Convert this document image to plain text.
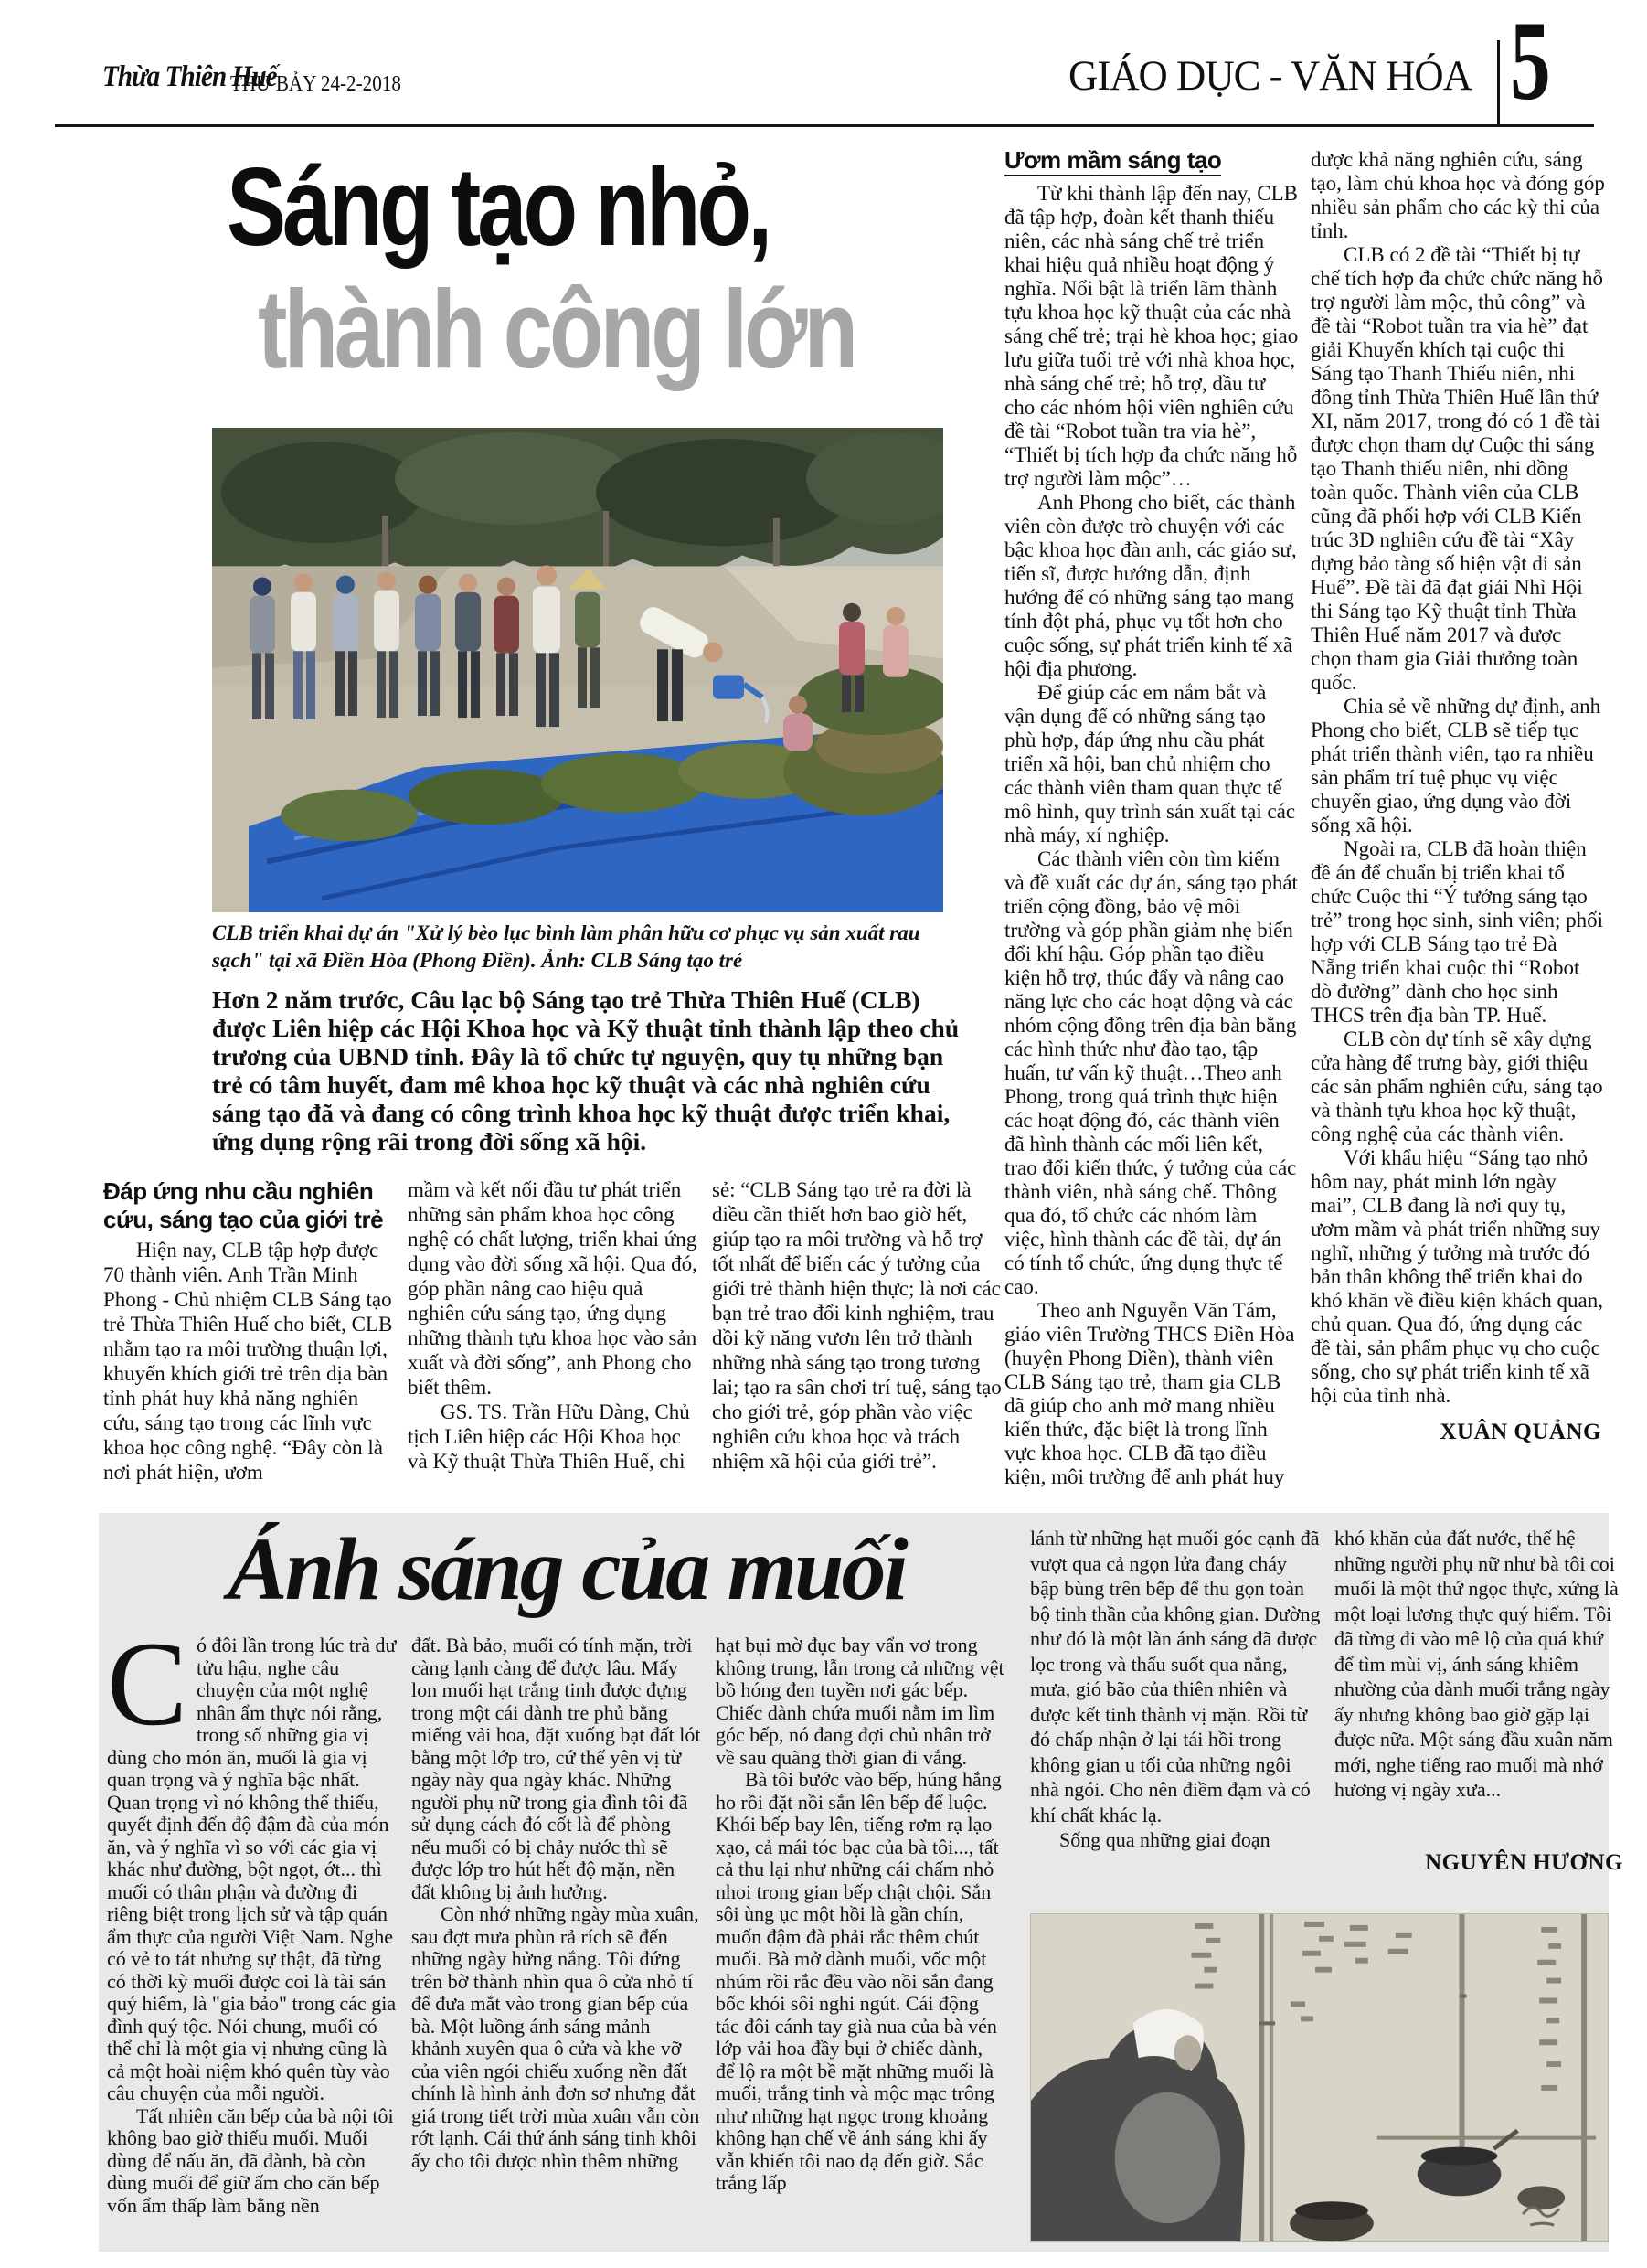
Thừa Thiên Huế
THỨ BẢY 24-2-2018	GIÁO DỤC - VĂN HÓA 5
Sáng tạo nhỏ,
thành công lớn
CLB triển khai dự án "Xử lý bèo lục bình làm phân hữu cơ phục vụ sản xuất rau sạch" tại xã Điền Hòa (Phong Điền). Ảnh: CLB Sáng tạo trẻ
Hơn 2 năm trước, Câu lạc bộ Sáng tạo trẻ Thừa Thiên Huế (CLB) được Liên hiệp các Hội Khoa học và Kỹ thuật tỉnh thành lập theo chủ trương của UBND tỉnh. Đây là tổ chức tự nguyện, quy tụ những bạn trẻ có tâm huyết, đam mê khoa học kỹ thuật và các nhà nghiên cứu sáng tạo đã và đang có công trình khoa học kỹ thuật được triển khai, ứng dụng rộng rãi trong đời sống xã hội.
Đáp ứng nhu cầu nghiên cứu, sáng tạo của giới trẻ

Hiện nay, CLB tập hợp được 70 thành viên. Anh Trần Minh Phong - Chủ nhiệm CLB Sáng tạo trẻ Thừa Thiên Huế cho biết, CLB nhằm tạo ra môi trường thuận lợi, khuyến khích giới trẻ trên địa bàn tỉnh phát huy khả năng nghiên cứu, sáng tạo trong các lĩnh vực khoa học công nghệ. “Đây còn là nơi phát hiện, ươm

mầm và kết nối đầu tư phát triển những sản phẩm khoa học công nghệ có chất lượng, triển khai ứng dụng vào đời sống xã hội. Qua đó, góp phần nâng cao hiệu quả nghiên cứu sáng tạo, ứng dụng những thành tựu khoa học vào sản xuất và đời sống”, anh Phong cho biết thêm.

GS. TS. Trần Hữu Dàng, Chủ tịch Liên hiệp các Hội Khoa học và Kỹ thuật Thừa Thiên Huế, chi

sẻ: “CLB Sáng tạo trẻ ra đời là điều cần thiết hơn bao giờ hết, giúp tạo ra môi trường và hỗ trợ tốt nhất để biến các ý tưởng của giới trẻ thành hiện thực; là nơi các bạn trẻ trao đổi kinh nghiệm, trau dồi kỹ năng vươn lên trở thành những nhà sáng tạo trong tương lai; tạo ra sân chơi trí tuệ, sáng tạo cho giới trẻ, góp phần vào việc nghiên cứu khoa học và trách nhiệm xã hội của giới trẻ”.

Ươm mầm sáng tạo

Từ khi thành lập đến nay, CLB đã tập hợp, đoàn kết thanh thiếu niên, các nhà sáng chế trẻ triển khai hiệu quả nhiều hoạt động ý nghĩa. Nổi bật là triển lãm thành tựu khoa học kỹ thuật của các nhà sáng chế trẻ; trại hè khoa học; giao lưu giữa tuổi trẻ với nhà khoa học, nhà sáng chế trẻ; hỗ trợ, đầu tư cho các nhóm hội viên nghiên cứu đề tài “Robot tuần tra via hè”, “Thiết bị tích hợp đa chức năng hỗ trợ người làm mộc”…

Anh Phong cho biết, các thành viên còn được trò chuyện với các bậc khoa học đàn anh, các giáo sư, tiến sĩ, được hướng dẫn, định hướng để có những sáng tạo mang tính đột phá, phục vụ tốt hơn cho cuộc sống, sự phát triển kinh tế xã hội địa phương.

Để giúp các em nắm bắt và vận dụng để có những sáng tạo phù hợp, đáp ứng nhu cầu phát triển xã hội, ban chủ nhiệm cho các thành viên tham quan thực tế mô hình, quy trình sản xuất tại các nhà máy, xí nghiệp.

Các thành viên còn tìm kiếm và đề xuất các dự án, sáng tạo phát triển cộng đồng, bảo vệ môi trường và góp phần giảm nhẹ biến đổi khí hậu. Góp phần tạo điều kiện hỗ trợ, thúc đẩy và nâng cao năng lực cho các hoạt động và các nhóm cộng đồng trên địa bàn bằng các hình thức như đào tạo, tập huấn, tư vấn kỹ thuật…Theo anh Phong, trong quá trình thực hiện các hoạt động đó, các thành viên đã hình thành các mối liên kết, trao đổi kiến thức, ý tưởng của các thành viên, nhà sáng chế. Thông qua đó, tổ chức các nhóm làm việc, hình thành các đề tài, dự án có tính tổ chức, ứng dụng thực tế cao.

Theo anh Nguyễn Văn Tám, giáo viên Trường THCS Điền Hòa (huyện Phong Điền), thành viên CLB Sáng tạo trẻ, tham gia CLB đã giúp cho anh mở mang nhiều kiến thức, đặc biệt là trong lĩnh vực khoa học. CLB đã tạo điều kiện, môi trường để anh phát huy

được khả năng nghiên cứu, sáng tạo, làm chủ khoa học và đóng góp nhiều sản phẩm cho các kỳ thi của tỉnh.

CLB có 2 đề tài “Thiết bị tự chế tích hợp đa chức chức năng hỗ trợ người làm mộc, thủ công” và đề tài “Robot tuần tra via hè” đạt giải Khuyến khích tại cuộc thi Sáng tạo Thanh Thiếu niên, nhi đồng tỉnh Thừa Thiên Huế lần thứ XI, năm 2017, trong đó có 1 đề tài được chọn tham dự Cuộc thi sáng tạo Thanh thiếu niên, nhi đồng toàn quốc. Thành viên của CLB cũng đã phối hợp với CLB Kiến trúc 3D nghiên cứu đề tài “Xây dựng bảo tàng số hiện vật di sản Huế”. Đề tài đã đạt giải Nhì Hội thi Sáng tạo Kỹ thuật tỉnh Thừa Thiên Huế năm 2017 và được chọn tham gia Giải thưởng toàn quốc.

Chia sẻ về những dự định, anh Phong cho biết, CLB sẽ tiếp tục phát triển thành viên, tạo ra nhiều sản phẩm trí tuệ phục vụ việc chuyển giao, ứng dụng vào đời sống xã hội.

Ngoài ra, CLB đã hoàn thiện đề án để chuẩn bị triển khai tổ chức Cuộc thi “Ý tưởng sáng tạo trẻ” trong học sinh, sinh viên; phối hợp với CLB Sáng tạo trẻ Đà Nẵng triển khai cuộc thi “Robot dò đường” dành cho học sinh THCS trên địa bàn TP. Huế.

CLB còn dự tính sẽ xây dựng cửa hàng để trưng bày, giới thiệu các sản phẩm nghiên cứu, sáng tạo và thành tựu khoa học kỹ thuật, công nghệ của các thành viên.

Với khẩu hiệu “Sáng tạo nhỏ hôm nay, phát minh lớn ngày mai”, CLB đang là nơi quy tụ, ươm mầm và phát triển những suy nghĩ, những ý tưởng mà trước đó bản thân không thể triển khai do khó khăn về điều kiện khách quan, chủ quan. Qua đó, ứng dụng các đề tài, sản phẩm phục vụ cho cuộc sống, cho sự phát triển kinh tế xã hội của tỉnh nhà.

XUÂN QUẢNG

Ánh sáng của muối

Có đôi lần trong lúc trà dư tửu hậu, nghe câu chuyện của một nghệ nhân ẩm thực nói rằng, trong số những gia vị dùng cho món ăn, muối là gia vị quan trọng và ý nghĩa bậc nhất. Quan trọng vì nó không thể thiếu, quyết định đến độ đậm đà của món ăn, và ý nghĩa vì so với các gia vị khác như đường, bột ngọt, ớt... thì muối có thân phận và đường đi riêng biệt trong lịch sử và tập quán ẩm thực của người Việt Nam. Nghe có vẻ to tát nhưng sự thật, đã từng có thời kỳ muối được coi là tài sản quý hiếm, là "gia bảo" trong các gia đình quý tộc. Nói chung, muối có thể chỉ là một gia vị nhưng cũng là cả một hoài niệm khó quên tùy vào câu chuyện của mỗi người.

Tất nhiên căn bếp của bà nội tôi không bao giờ thiếu muối. Muối dùng để nấu ăn, đã đành, bà còn dùng muối để giữ ấm cho căn bếp vốn ẩm thấp làm bằng nền

đất. Bà bảo, muối có tính mặn, trời càng lạnh càng để được lâu. Mấy lon muối hạt trắng tinh được đựng trong một cái dành tre phủ bằng miếng vải hoa, đặt xuống bạt đất lót bằng một lớp tro, cứ thế yên vị từ ngày này qua ngày khác. Những người phụ nữ trong gia đình tôi đã sử dụng cách đó cốt là để phòng nếu muối có bị chảy nước thì sẽ được lớp tro hút hết độ mặn, nền đất không bị ảnh hưởng.

Còn nhớ những ngày mùa xuân, sau đợt mưa phùn rả rích sẽ đến những ngày hửng nắng. Tôi đứng trên bờ thành nhìn qua ô cửa nhỏ tí để đưa mắt vào trong gian bếp của bà. Một luồng ánh sáng mảnh khảnh xuyên qua ô cửa và khe vỡ của viên ngói chiếu xuống nền đất chính là hình ảnh đơn sơ nhưng đắt giá trong tiết trời mùa xuân vẫn còn rớt lạnh. Cái thứ ánh sáng tinh khôi ấy cho tôi được nhìn thêm những

hạt bụi mờ đục bay vẩn vơ trong không trung, lẫn trong cả những vệt bồ hóng đen tuyền nơi gác bếp. Chiếc dành chứa muối nằm im lìm góc bếp, nó đang đợi chủ nhân trở về sau quãng thời gian đi vắng.

Bà tôi bước vào bếp, húng hắng ho rồi đặt nồi sắn lên bếp để luộc. Khói bếp bay lên, tiếng rơm rạ lạo xạo, cả mái tóc bạc của bà tôi..., tất cả thu lại như những cái chấm nhỏ nhoi trong gian bếp chật chội. Sắn sôi ùng ục một hồi là gần chín, muốn đậm đà phải rắc thêm chút muối. Bà mở dành muối, vốc một nhúm rồi rắc đều vào nồi sắn đang bốc khói sôi nghi ngút. Cái động tác đôi cánh tay già nua của bà vén lớp vải hoa đầy bụi ở chiếc dành, để lộ ra một bề mặt những muối là muối, trắng tinh và mộc mạc trông như những hạt ngọc trong khoảng không hạn chế về ánh sáng khi ấy vẫn khiến tôi nao dạ đến giờ. Sắc trắng lấp

lánh từ những hạt muối góc cạnh đã vượt qua cả ngọn lửa đang cháy bập bùng trên bếp để thu gọn toàn bộ tinh thần của không gian. Dường như đó là một làn ánh sáng đã được lọc trong và thấu suốt qua nắng, mưa, gió bão của thiên nhiên và được kết tinh thành vị mặn. Rồi từ đó chấp nhận ở lại tái hồi trong không gian u tối của những ngôi nhà ngói. Cho nên điềm đạm và có khí chất khác lạ.

Sống qua những giai đoạn

khó khăn của đất nước, thế hệ những người phụ nữ như bà tôi coi muối là một thứ ngọc thực, xứng là một loại lương thực quý hiếm. Tôi đã từng đi vào mê lộ của quá khứ để tìm mùi vị, ánh sáng khiêm nhường của dành muối trắng ngày ấy nhưng không bao giờ gặp lại được nữa. Một sáng đầu xuân năm mới, nghe tiếng rao muối mà nhớ hương vị ngày xưa...

NGUYÊN HƯƠNG
